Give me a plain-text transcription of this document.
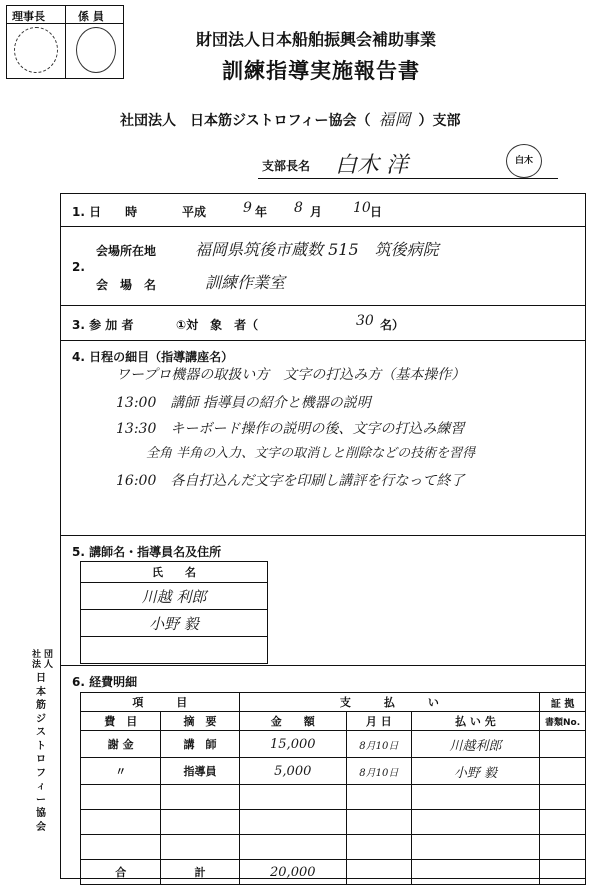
理事長	係 員
財団法人日本船舶振興会補助事業
訓練指導実施報告書
社団法人　日本筋ジストロフィー協会（ 福岡 ）支部
支部長名 白木 洋	白木
1. 日　　時	平成	9 年 8 月 10 日
2.
会場所在地 福岡県筑後市蔵数 515　筑後病院
会　場　名	訓練作業室
3. 参 加 者	①対　象　者（	30 名）
4. 日程の細目（指導講座名）
ワープロ機器の取扱い方　文字の打込み方（基本操作）
13:00　講師 指導員の紹介と機器の説明
13:30　キーボード操作の説明の後、文字の打込み練習
全角 半角の入力、文字の取消しと削除などの技術を習得
16:00　各自打込んだ文字を印刷し講評を行なって終了
5. 講師名・指導員名及住所
氏　　名
川越 利郎
小野 毅

6. 経費明細
項　　　目		支　　　払　　　い			証 拠
費　目	摘　要	金　　額	月 日	払 い 先	書類No.
謝 金	講　師	15,000	8月10日	川越利郎	
〃	指導員	5,000	8月10日	小野 毅	

合	計	20,000			
社法
団人
日本筋ジストロフィー協会
